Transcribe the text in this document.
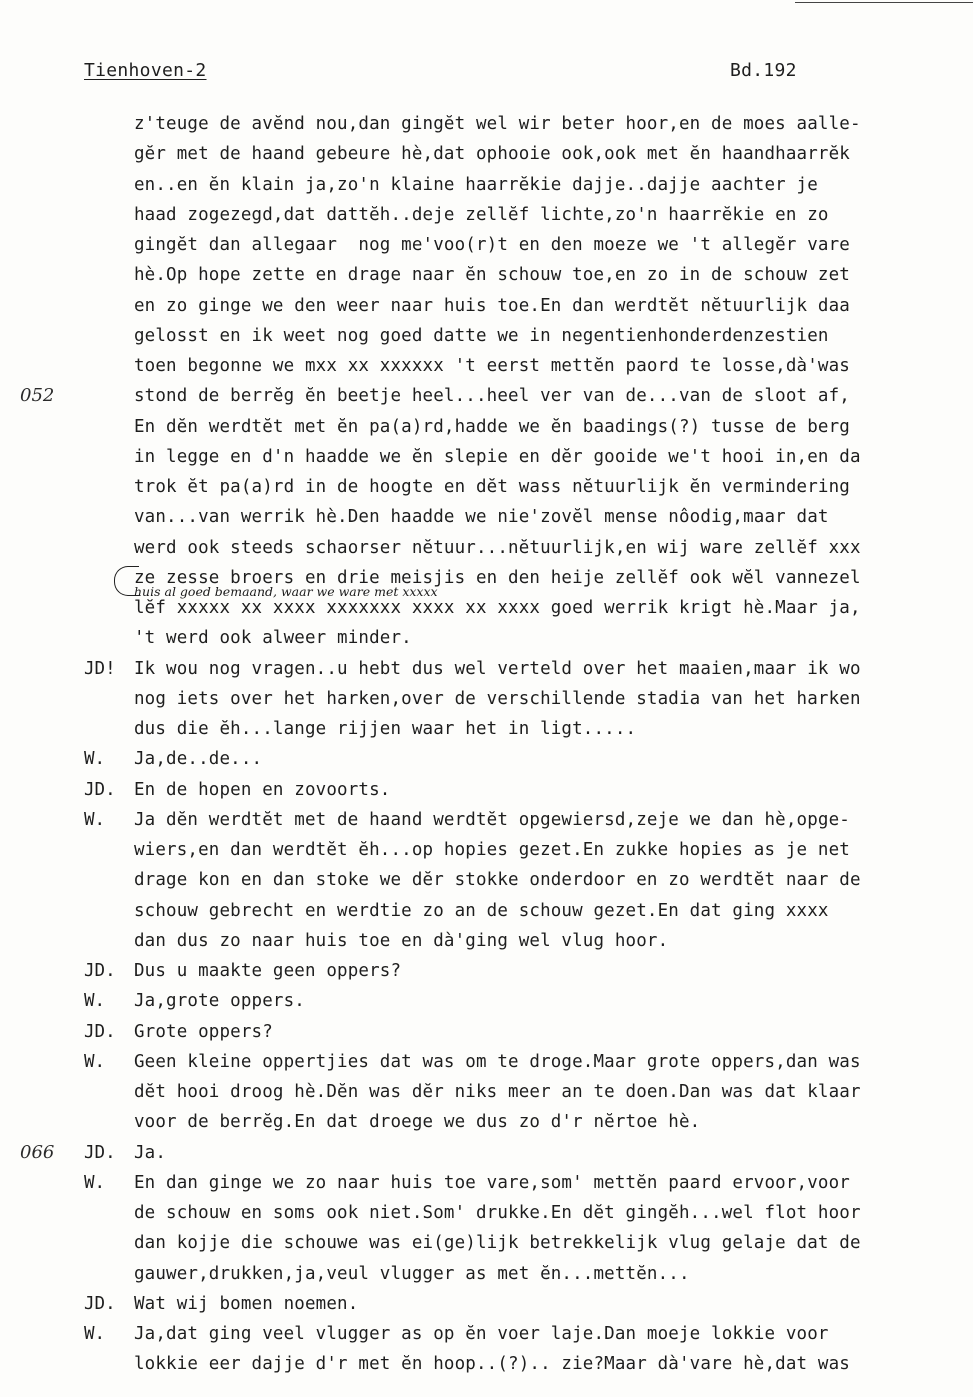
Tienhoven-2	Bd.192
z'teuge de avĕnd nou,dan gingĕt wel wir beter hoor,en de moes aalle-
gĕr met de haand gebeure hè,dat ophooie ook,ook met ĕn haandhaarrĕk
en..en ĕn klain ja,zo'n klaine haarrĕkie dajje..dajje aachter je
haad zogezegd,dat dattĕh..deje zellĕf lichte,zo'n haarrĕkie en zo
gingĕt dan allegaar  nog me'voo(r)t en den moeze we 't allegĕr vare
hè.Op hope zette en drage naar ĕn schouw toe,en zo in de schouw zet
en zo ginge we den weer naar huis toe.En dan werdtĕt nĕtuurlijk daa
gelosst en ik weet nog goed datte we in negentienhonderdenzestien
toen begonne we mxx xx xxxxxx 't eerst mettĕn paord te losse,dà'was
052	stond de berrĕg ĕn beetje heel...heel ver van de...van de sloot af,
En dĕn werdtĕt met ĕn pa(a)rd,hadde we ĕn baadings(?) tusse de berg
in legge en d'n haadde we ĕn slepie en dĕr gooide we't hooi in,en da
trok ĕt pa(a)rd in de hoogte en dĕt wass nĕtuurlijk ĕn vermindering
van...van werrik hè.Den haadde we nie'zovĕl mense nôodig,maar dat
werd ook steeds schaorser nĕtuur...nĕtuurlijk,en wij ware zellĕf xxx
ze zesse broers en drie meisjis en den heije zellĕf ook wĕl vannezel
huis al goed bemaand, waar we ware met xxxxx
lĕf xxxxx xx xxxx xxxxxxx xxxx xx xxxx goed werrik krigt hè.Maar ja,
't werd ook alweer minder.
JD! Ik wou nog vragen..u hebt dus wel verteld over het maaien,maar ik wo
nog iets over het harken,over de verschillende stadia van het harken
dus die ĕh...lange rijjen waar het in ligt.....
W. Ja,de..de...
JD. En de hopen en zovoorts.
W. Ja dĕn werdtĕt met de haand werdtĕt opgewiersd,zeje we dan hè,opge-
wiers,en dan werdtĕt ĕh...op hopies gezet.En zukke hopies as je net
drage kon en dan stoke we dĕr stokke onderdoor en zo werdtĕt naar de
schouw gebrecht en werdtie zo an de schouw gezet.En dat ging xxxx
dan dus zo naar huis toe en dà'ging wel vlug hoor.
JD. Dus u maakte geen oppers?
W. Ja,grote oppers.
JD. Grote oppers?
W. Geen kleine oppertjies dat was om te droge.Maar grote oppers,dan was
dĕt hooi droog hè.Dĕn was dĕr niks meer an te doen.Dan was dat klaar
voor de berrĕg.En dat droege we dus zo d'r nĕrtoe hè.
066 JD. Ja.
W. En dan ginge we zo naar huis toe vare,som' mettĕn paard ervoor,voor
de schouw en soms ook niet.Som' drukke.En dĕt gingĕh...wel flot hoor
dan kojje die schouwe was ei(ge)lijk betrekkelijk vlug gelaje dat de
gauwer,drukken,ja,veul vlugger as met ĕn...mettĕn...
JD. Wat wij bomen noemen.
W. Ja,dat ging veel vlugger as op ĕn voer laje.Dan moeje lokkie voor
lokkie eer dajje d'r met ĕn hoop..(?).. zie?Maar dà'vare hè,dat was
